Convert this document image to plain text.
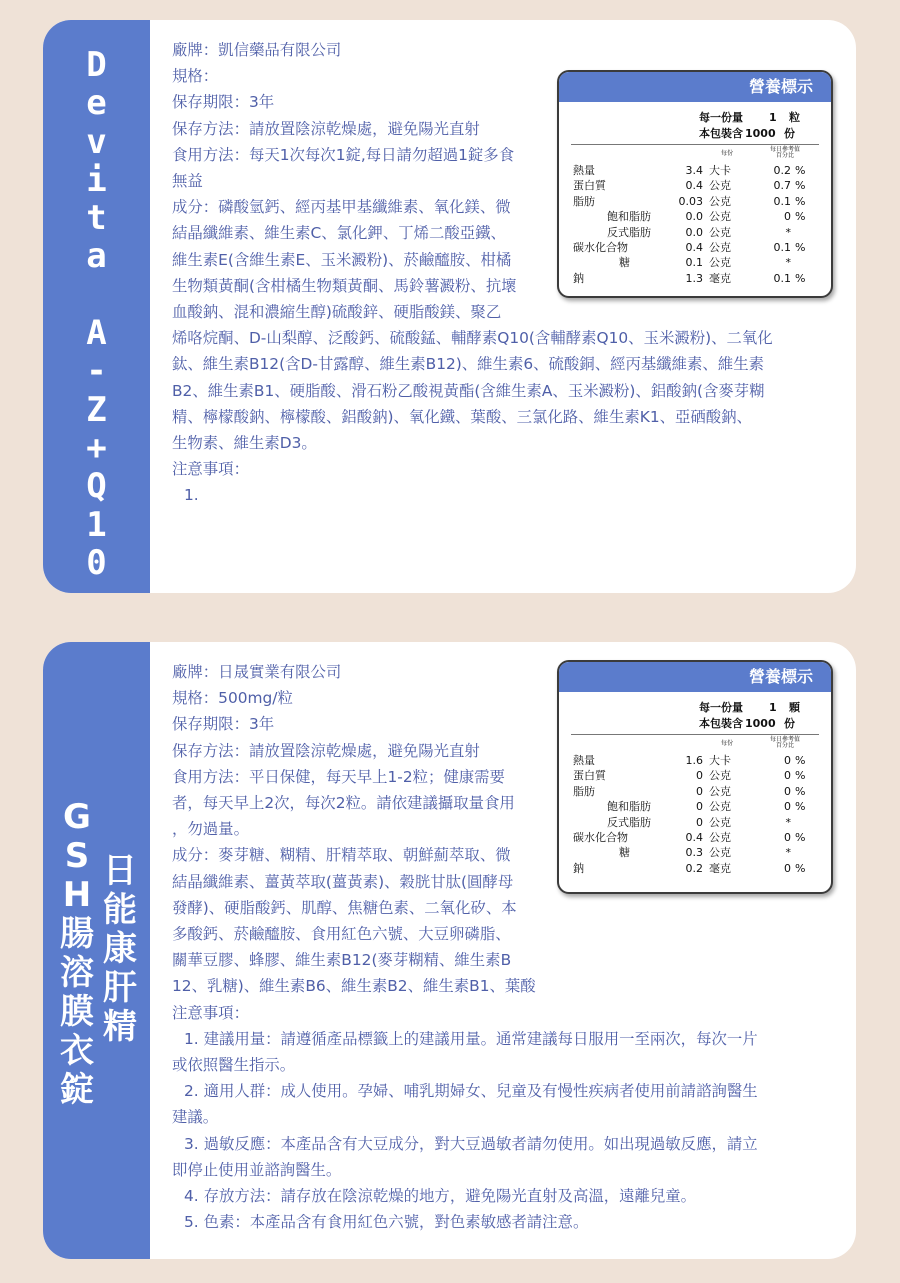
D
e
v
i
t
a

A
-
Z
+
Q
1
0
廠牌：凱信藥品有限公司
規格：
保存期限：3年
保存方法：請放置陰涼乾燥處，避免陽光直射
食用方法：每天1次每次1錠,每日請勿超過1錠多食
無益
成分：磷酸氫鈣、經丙基甲基纖維素、氧化鎂、微
結晶纖維素、維生素C、氯化鉀、丁烯二酸亞鐵、
維生素E(含維生素E、玉米澱粉)、菸鹼醯胺、柑橘
生物類黃酮(含柑橘生物類黃酮、馬鈴薯澱粉、抗壞
血酸鈉、混和濃縮生醇)硫酸鋅、硬脂酸鎂、聚乙
烯咯烷酮、D-山梨醇、泛酸鈣、硫酸錳、輔酵素Q10(含輔酵素Q10、玉米澱粉)、二氧化
鈦、維生素B12(含D-甘露醇、維生素B12)、維生素6、硫酸銅、經丙基纖維素、維生素
B2、維生素B1、硬脂酸、滑石粉乙酸視黃酯(含維生素A、玉米澱粉)、鋁酸鈉(含麥芽糊
精、檸檬酸鈉、檸檬酸、鋁酸鈉)、氧化鐵、葉酸、三氯化路、維生素K1、亞硒酸鈉、
生物素、維生素D3。
注意事項：
1.
營養標示
每一份量 1 粒
本包裝含 1000 份
每份
每日參考值百分比
熱量	3.4 大卡	0.2 %
蛋白質	0.4 公克	0.7 %
脂肪	0.03 公克	0.1 %
飽和脂肪	0.0 公克	0 %
反式脂肪	0.0 公克	*
碳水化合物	0.4 公克	0.1 %
糖	0.1 公克	*
鈉	1.3 毫克	0.1 %
日
能
康
肝
精
G
S
H
腸
溶
膜
衣
錠
廠牌：日晟實業有限公司
規格：500mg/粒
保存期限：3年
保存方法：請放置陰涼乾燥處，避免陽光直射
食用方法：平日保健，每天早上1-2粒；健康需要
者，每天早上2次，每次2粒。請依建議攝取量食用
，勿過量。
成分：麥芽糖、糊精、肝精萃取、朝鮮薊萃取、微
結晶纖維素、薑黃萃取(薑黃素)、穀胱甘肽(圓酵母
發酵)、硬脂酸鈣、肌醇、焦糖色素、二氧化矽、本
多酸鈣、菸鹼醯胺、食用紅色六號、大豆卵磷脂、
關華豆膠、蜂膠、維生素B12(麥芽糊精、維生素B
12、乳糖)、維生素B6、維生素B2、維生素B1、葉酸
注意事項：
1. 建議用量：請遵循產品標籤上的建議用量。通常建議每日服用一至兩次，每次一片
或依照醫生指示。
2. 適用人群：成人使用。孕婦、哺乳期婦女、兒童及有慢性疾病者使用前請諮詢醫生
建議。
3. 過敏反應：本產品含有大豆成分，對大豆過敏者請勿使用。如出現過敏反應，請立
即停止使用並諮詢醫生。
4. 存放方法：請存放在陰涼乾燥的地方，避免陽光直射及高溫，遠離兒童。
5. 色素：本產品含有食用紅色六號，對色素敏感者請注意。
營養標示
每一份量 1 顆
本包裝含 1000 份
每份
每日參考值百分比
熱量	1.6 大卡	0 %
蛋白質	0 公克	0 %
脂肪	0 公克	0 %
飽和脂肪	0 公克	0 %
反式脂肪	0 公克	*
碳水化合物	0.4 公克	0 %
糖	0.3 公克	*
鈉	0.2 毫克	0 %
